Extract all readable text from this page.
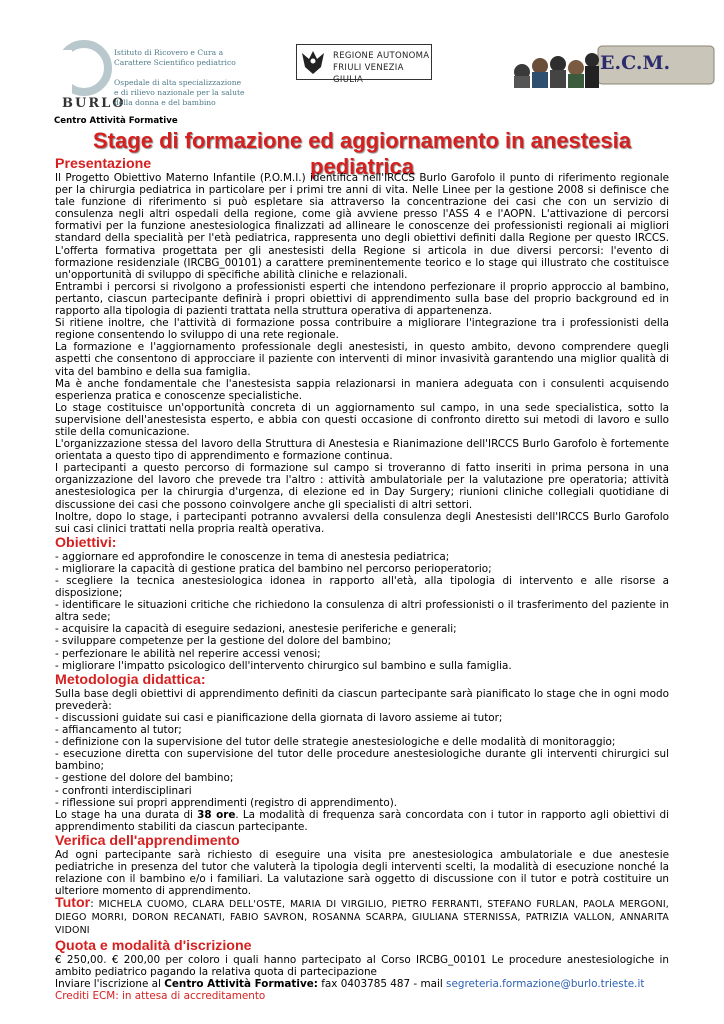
BURLO
Istituto di Ricovero e Cura a
Carattere Scientifico pediatrico
Ospedale di alta specializzazione
e di rilievo nazionale per la salute
della donna e del bambino
REGIONE AUTONOMA
FRIULI VENEZIA GIULIA
E.C.M.
Centro Attività Formative
Stage di formazione ed aggiornamento in anestesia pediatrica
Presentazione

Il Progetto Obiettivo Materno Infantile (P.O.M.I.) identifica nell'IRCCS Burlo Garofolo il punto di riferimento regionale per la chirurgia pediatrica in particolare per i primi tre anni di vita. Nelle Linee per la gestione 2008 si definisce che tale funzione di riferimento si può espletare sia attraverso la concentrazione dei casi che con un servizio di consulenza negli altri ospedali della regione, come già avviene presso l'ASS 4 e l'AOPN. L'attivazione di percorsi formativi per la funzione anestesiologica finalizzati ad allineare le conoscenze dei professionisti regionali ai migliori standard della specialità per l'età pediatrica, rappresenta uno degli obiettivi definiti dalla Regione per questo IRCCS. L'offerta formativa progettata per gli anestesisti della Regione si articola in due diversi percorsi: l'evento di formazione residenziale (IRCBG_00101) a carattere preminentemente teorico e lo stage qui illustrato che costituisce un'opportunità di sviluppo di specifiche abilità cliniche e relazionali.

Entrambi i percorsi si rivolgono a professionisti esperti che intendono perfezionare il proprio approccio al bambino, pertanto, ciascun partecipante definirà i propri obiettivi di apprendimento sulla base del proprio background ed in rapporto alla tipologia di pazienti trattata nella struttura operativa di appartenenza.

Si ritiene inoltre, che l'attività di formazione possa contribuire a migliorare l'integrazione tra i professionisti della regione consentendo lo sviluppo di una rete regionale.

La formazione e l'aggiornamento professionale degli anestesisti, in questo ambito, devono comprendere quegli aspetti che consentono di approcciare il paziente con interventi di minor invasività garantendo una miglior qualità di vita del bambino e della sua famiglia.

Ma è anche fondamentale che l'anestesista sappia relazionarsi in maniera adeguata con i consulenti acquisendo esperienza pratica e conoscenze specialistiche.

Lo stage costituisce un'opportunità concreta di un aggiornamento sul campo, in una sede specialistica, sotto la supervisione dell'anestesista esperto, e abbia con questi occasione di confronto diretto sui metodi di lavoro e sullo stile della comunicazione.

L'organizzazione stessa del lavoro della Struttura di Anestesia e Rianimazione dell'IRCCS Burlo Garofolo è fortemente orientata a questo tipo di apprendimento e formazione continua.

I partecipanti a questo percorso di formazione sul campo si troveranno di fatto inseriti in prima persona in una organizzazione del lavoro che prevede tra l'altro : attività ambulatoriale per la valutazione pre operatoria; attività anestesiologica per la chirurgia d'urgenza, di elezione ed in Day Surgery; riunioni cliniche collegiali quotidiane di discussione dei casi che possono coinvolgere anche gli specialisti di altri settori.

Inoltre, dopo lo stage, i partecipanti potranno avvalersi della consulenza degli Anestesisti dell'IRCCS Burlo Garofolo sui casi clinici trattati nella propria realtà operativa.

Obiettivi:

- aggiornare ed approfondire le conoscenze in tema di anestesia pediatrica;

- migliorare la capacità di gestione pratica del bambino nel percorso perioperatorio;

- scegliere la tecnica anestesiologica idonea in rapporto all'età, alla tipologia di intervento e alle risorse a disposizione;

- identificare le situazioni critiche che richiedono la consulenza di altri professionisti o il trasferimento del paziente in altra sede;

- acquisire la capacità di eseguire sedazioni, anestesie periferiche e generali;

- sviluppare competenze per la gestione del dolore del bambino;

- perfezionare le abilità nel reperire accessi venosi;

- migliorare l'impatto psicologico dell'intervento chirurgico sul bambino e sulla famiglia.

Metodologia didattica:

Sulla base degli obiettivi di apprendimento definiti da ciascun partecipante sarà pianificato lo stage che in ogni modo prevederà:

- discussioni guidate sui casi e pianificazione della giornata di lavoro assieme ai tutor;

- affiancamento al tutor;

- definizione con la supervisione del tutor delle strategie anestesiologiche e delle modalità di monitoraggio;

- esecuzione diretta con supervisione del tutor delle procedure anestesiologiche durante gli interventi chirurgici sul bambino;

- gestione del dolore del bambino;

- confronti interdisciplinari

- riflessione sui propri apprendimenti (registro di apprendimento).

Lo stage ha una durata di 38 ore. La modalità di frequenza sarà concordata con i tutor in rapporto agli obiettivi di apprendimento stabiliti da ciascun partecipante.

Verifica dell'apprendimento

Ad ogni partecipante sarà richiesto di eseguire una visita pre anestesiologica ambulatoriale e due anestesie pediatriche in presenza del tutor che valuterà la tipologia degli interventi scelti, la modalità di esecuzione nonché la relazione con il bambino e/o i familiari. La valutazione sarà oggetto di discussione con il tutor e potrà costituire un ulteriore momento di apprendimento.

Tutor: MICHELA CUOMO, CLARA DELL'OSTE, MARIA DI VIRGILIO, PIETRO FERRANTI, STEFANO FURLAN, PAOLA MERGONI, DIEGO MORRI, DORON RECANATI, FABIO SAVRON, ROSANNA SCARPA, GIULIANA STERNISSA, PATRIZIA VALLON, ANNARITA VIDONI

Quota e modalità d'iscrizione

€ 250,00. € 200,00 per coloro i quali hanno partecipato al Corso IRCBG_00101 Le procedure anestesiologiche in ambito pediatrico pagando la relativa quota di partecipazione

Inviare l'iscrizione al Centro Attività Formative: fax 0403785 487 - mail segreteria.formazione@burlo.trieste.it

Crediti ECM: in attesa di accreditamento
